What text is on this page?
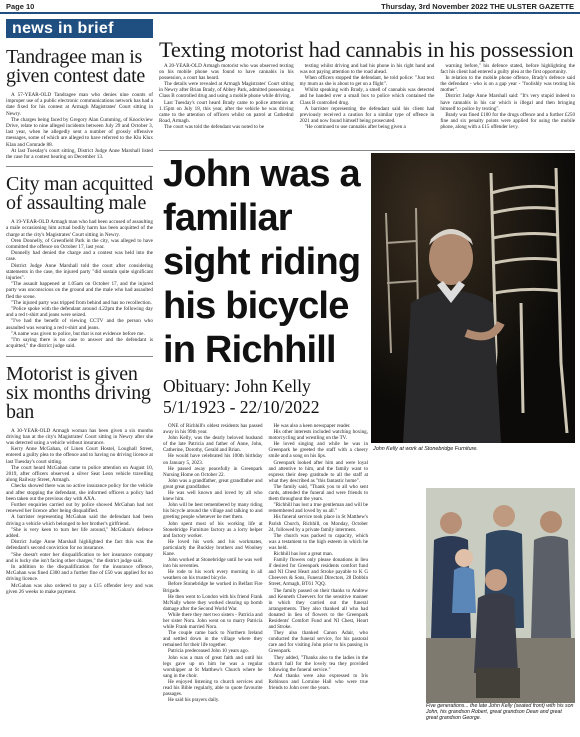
Page 10	Thursday, 3rd November 2022 THE ULSTER GAZETTE
news in brief
Tandragee man is given contest date

A 57-YEAR-OLD Tandragee man who denies nine counts of improper use of a public electronic communications network has had a date fixed for his contest at Armagh Magistrates' Court sitting in Newry.

The charges being faced by Gregory Alan Cumming, of Knockview Drive, relate to nine alleged incidents between July 29 and October 3, last year, when he allegedly sent a number of grossly offensive messages, some of which are alleged to have referred to the Klu Klux Klan and Comrade 88.

At last Tuesday's court sitting, District Judge Anne Marshall listed the case for a contest hearing on December 13.

City man acquitted of assaulting male

A 19-YEAR-OLD Armagh man who had been accused of assaulting a male occasioning him actual bodily harm has been acquitted of the charge at the city's Magistrates' Court sitting in Newry.

Oren Donnelly, of Greenfield Park in the city, was alleged to have committed the offence on October 17, last year.

Donnelly had denied the charge and a contest was held into the case.

District Judge Anne Marshall told the court after considering statements in the case, the injured party "did sustain quite significant injuries".

"The assault happened at 1.05am on October 17, and the injured party was unconscious on the ground and the male who had assaulted fled the scene.

"The injured party was tripped from behind and has no recollection.

"Police spoke with the defendant around 4.22pm the following day and a red t-shirt and jeans were seized.

"I've had the benefit of viewing CCTV and the person who assaulted was wearing a red t-shirt and jeans.

"A name was given to police, but that is not evidence before me.

"I'm saying there is no case to answer and the defendant is acquitted," the district judge said.

Motorist is given six months driving ban

A 30-YEAR-OLD Armagh woman has been given a six months driving ban at the city's Magistrates' Court sitting in Newry after she was detected using a vehicle without insurance.

Kerry Anne McGahan, of Linen Court Hostel, Loughall Street, entered a guilty plea to the offence and to having no driving licence at last Tuesday's court sitting.

The court heard McGahan came to police attention on August 10, 2019, after officers observed a silver Seat Leon vehicle travelling along Railway Street, Armagh.

Checks showed there was no active insurance policy for the vehicle and after stopping the defendant, she informed officers a policy had been taken out the previous day with AXA.

Further enquiries carried out by police showed McGahan had not renewed her licence after being disqualified.

A barrister representing McGahan said the defendant had been driving a vehicle which belonged to her brother's girlfriend.

"She is very keen to turn her life around," McGahan's defence added.

District Judge Anne Marshall highlighted the fact this was the defendant's second conviction for no insurance.

"She doesn't enter her disqualification to her insurance company and is lucky she isn't facing other charges," the district judge said.

In addition to the disqualification for the insurance offence, McGahan was fined £300 and a further fine of £50 was applied for no driving licence.

McGahan was also ordered to pay a £15 offender levy and was given 26 weeks to make payment.

Texting motorist had cannabis in his possession

A 20-YEAR-OLD Armagh motorist who was observed texting on his mobile phone was found to have cannabis in his possession, a court has heard.

The details were revealed at Armagh Magistrates' Court sitting in Newry after Brian Brady, of Abbey Park, admitted possessing a Class B controlled drug and using a mobile phone while driving.

Last Tuesday's court heard Brady came to police attention at 1.15pm on July 18, this year, after the vehicle he was driving came to the attention of officers whilst on patrol at Cathedral Road, Armagh.

The court was told the defendant was noted to be

texting whilst driving and had his phone in his right hand and was not paying attention to the road ahead.

When officers stopped the defendant, he told police: "Just text my mum as she is about to get on a flight".

Whilst speaking with Brady, a smell of cannabis was detected and he handed over a small box to police which contained the Class B controlled drug.

A barrister representing the defendant said his client had previously received a caution for a similar type of offence in 2021 and now found himself being prosecuted.

"He continued to use cannabis after being given a

warning before," his defence stated, before highlighting the fact his client had entered a guilty plea at the first opportunity.

In relation to the mobile phone offence, Brady's defence said the defendant - who is on a gap year - "foolishly was texting his mother".

District Judge Anne Marshall said: "It's very stupid indeed to have cannabis in his car which is illegal and then bringing himself to police by texting".

Brady was fined £100 for the drugs offence and a further £250 fine and six penalty points were applied for using the mobile phone, along with a £15 offender levy.

John was a familiar sight riding his bicycle in Richhill
Obituary: John Kelly 5/1/1923 - 22/10/2022
John Kelly at work at Stonebridge Furniture.

ONE of Richhill's oldest residents has passed away in his 99th year.

John Kelly, was the dearly beloved husband of the late Patricia and father of Anne, John, Catherine, Dorothy, Gerald and Brian.

He would have celebrated his 100th birthday on January 5, 2023.

He passed away peacefully in Greenpark Nursing Home on October 22.

John was a grandfather, great grandfather and great great grandfather.

He was well known and loved by all who knew him.

John will be best remembered by many riding his bicycle around the village and talking to and greeting people whenever he met them.

John spent most of his working life at Stonebridge Furniture factory as a lorry helper and factory worker.

He loved his work and his workmates, particularly the Buckley brothers and Woolsey Kane.

John worked at Stonebridge until he was well into his seventies.

He rode to his work every morning in all weathers on his trusted bicycle.

Before Stonebridge he worked in Belfast Fire Brigade.

He then went to London with his friend Frank McNally where they worked clearing up bomb damage after the Second World War.

While there they met two sisters - Patricia and her sister Nora. John went on to marry Patricia while Frank married Nora.

The couple came back to Northern Ireland and settled down in the village where they remained for their life together.

Patricia predeceased John 10 years ago.

John was a man of great faith and until his legs gave up on him he was a regular worshipper at St Matthew's Church where he sang in the choir.

He enjoyed listening to church services and read his Bible regularly, able to quote favourite passages.

He said his prayers daily.

He was also a keen newspaper reader.

His other interests included watching boxing, motorcycling and wrestling on the TV.

He loved singing and while he was in Greenpark he greeted the staff with a cheery smile and a song on his lips.

Greenpark looked after him and were loyal and attentive to him, and the family want to express their deep gratitude to all the staff at what they described as "this fantastic home".

The family said, "Thank you to all who sent cards, attended the funeral and were friends to them throughout the years.

"Richhill has lost a true gentleman and will be remembered and loved by us all."

His funeral service took place in St Matthew's Parish Church, Richhill, on Monday, October 24, followed by a private family interment.

The church was packed to capacity, which was a testament to the high esteem in which he was held.

Richhill has lost a great man.

Family flowers only please donations in lieu if desired for Greenpark residents comfort fund and NI Chest Heart and Stroke payable to K G Cheevers & Sons, Funeral Directors, 28 Dobbin Street, Armagh, BT61 7QQ.

The family passed on their thanks to Andrew and Kenneth Cheevers for the sensitive manner in which they carried out the funeral arrangements. They also thanked all who had donated in lieu of flowers to the Greenpark Residents' Comfort Fund and NI Chest, Heart and Stroke.

They also thanked Canon Adair, who conducted the funeral service, for his pastoral care and for visiting John prior to his passing in Greenpark.

They added, "Thanks also to the ladies in the church hall for the lovely tea they provided following the funeral service."

And thanks were also expressed to Iris Robinson and Lorraine Hall who were true friends to John over the years.

Five generations... the late John Kelly (seated front) with his son John, his grandson Robert, great grandson Dean and great great grandson George.
